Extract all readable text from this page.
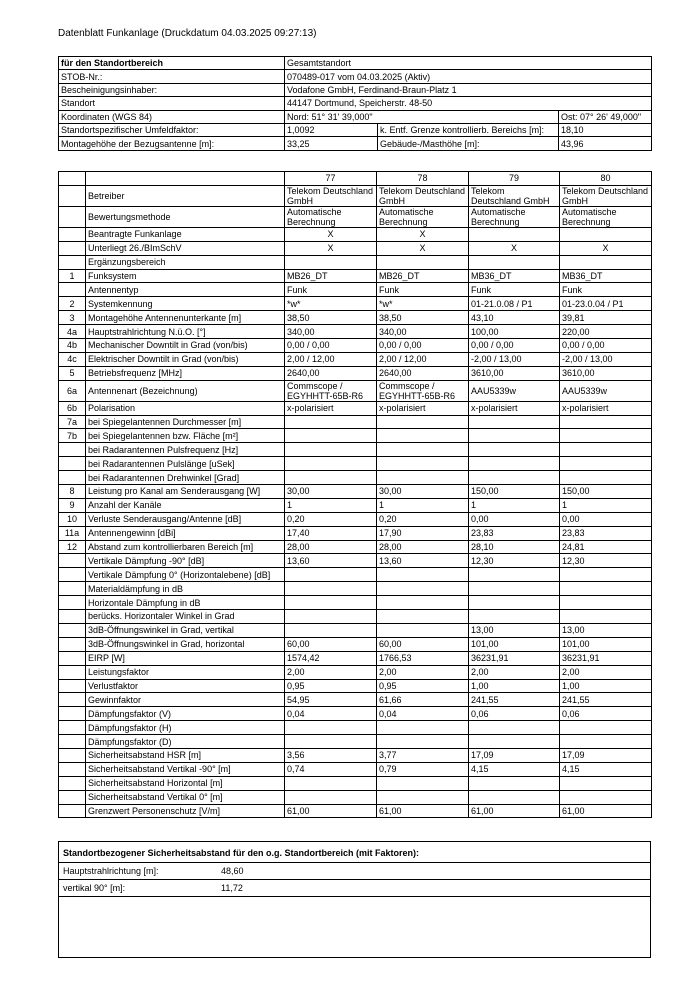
Datenblatt Funkanlage (Druckdatum 04.03.2025 09:27:13)
für den Standortbereich	Gesamtstandort		
STOB-Nr.:	070489-017 vom 04.03.2025 (Aktiv)		
Bescheinigungsinhaber:	Vodafone GmbH, Ferdinand-Braun-Platz 1		
Standort	44147 Dortmund, Speicherstr. 48-50		
Koordinaten (WGS 84)	Nord: 51° 31' 39,000"		Ost: 07° 26' 49,000"
Standortspezifischer Umfeldfaktor:	1,0092	k. Entf. Grenze kontrollierb. Bereichs [m]:	18,10
Montagehöhe der Bezugsantenne [m]:	33,25	Gebäude-/Masthöhe [m]:	43,96
		77	78	79	80
	Betreiber	Telekom Deutschland GmbH	Telekom Deutschland GmbH	Telekom Deutschland GmbH	Telekom Deutschland GmbH
	Bewertungsmethode	Automatische Berechnung	Automatische Berechnung	Automatische Berechnung	Automatische Berechnung
	Beantragte Funkanlage	X	X		
	Unterliegt 26./BImSchV	X	X	X	X
	Ergänzungsbereich				
1	Funksystem	MB26_DT	MB26_DT	MB36_DT	MB36_DT
	Antennentyp	Funk	Funk	Funk	Funk
2	Systemkennung	*w*	*w*	01-21.0.08 / P1	01-23.0.04 / P1
3	Montagehöhe Antennenunterkante [m]	38,50	38,50	43,10	39,81
4a	Hauptstrahlrichtung N.ü.O. [°]	340,00	340,00	100,00	220,00
4b	Mechanischer Downtilt in Grad (von/bis)	0,00 / 0,00	0,00 / 0,00	0,00 / 0,00	0,00 / 0,00
4c	Elektrischer Downtilt in Grad (von/bis)	2,00 / 12,00	2,00 / 12,00	-2,00 / 13,00	-2,00 / 13,00
5	Betriebsfrequenz [MHz]	2640,00	2640,00	3610,00	3610,00
6a	Antennenart (Bezeichnung)	Commscope / EGYHHTT-65B-R6	Commscope / EGYHHTT-65B-R6	AAU5339w	AAU5339w
6b	Polarisation	x-polarisiert	x-polarisiert	x-polarisiert	x-polarisiert
7a	bei Spiegelantennen Durchmesser [m]				
7b	bei Spiegelantennen bzw. Fläche [m²]				
	bei Radarantennen Pulsfrequenz [Hz]				
	bei Radarantennen Pulslänge [uSek]				
	bei Radarantennen Drehwinkel [Grad]				
8	Leistung pro Kanal am Senderausgang [W]	30,00	30,00	150,00	150,00
9	Anzahl der Kanäle	1	1	1	1
10	Verluste Senderausgang/Antenne [dB]	0,20	0,20	0,00	0,00
11a	Antennengewinn [dBi]	17,40	17,90	23,83	23,83
12	Abstand zum kontrollierbaren Bereich [m]	28,00	28,00	28,10	24,81
	Vertikale Dämpfung -90° [dB]	13,60	13,60	12,30	12,30
	Vertikale Dämpfung 0° (Horizontalebene) [dB]				
	Materialdämpfung in dB				
	Horizontale Dämpfung in dB				
	berücks. Horizontaler Winkel in Grad				
	3dB-Öffnungswinkel in Grad, vertikal			13,00	13,00
	3dB-Öffnungswinkel in Grad, horizontal	60,00	60,00	101,00	101,00
	EIRP [W]	1574,42	1766,53	36231,91	36231,91
	Leistungsfaktor	2,00	2,00	2,00	2,00
	Verlustfaktor	0,95	0,95	1,00	1,00
	Gewinnfaktor	54,95	61,66	241,55	241,55
	Dämpfungsfaktor (V)	0,04	0,04	0,06	0,06
	Dämpfungsfaktor (H)				
	Dämpfungsfaktor (D)				
	Sicherheitsabstand HSR [m]	3,56	3,77	17,09	17,09
	Sicherheitsabstand Vertikal -90° [m]	0,74	0,79	4,15	4,15
	Sicherheitsabstand Horizontal [m]				
	Sicherheitsabstand Vertikal 0° [m]				
	Grenzwert Personenschutz [V/m]	61,00	61,00	61,00	61,00
Standortbezogener Sicherheitsabstand für den o.g. Standortbereich (mit Faktoren):
Hauptstrahlrichtung [m]:	48,60
vertikal 90° [m]:	11,72
